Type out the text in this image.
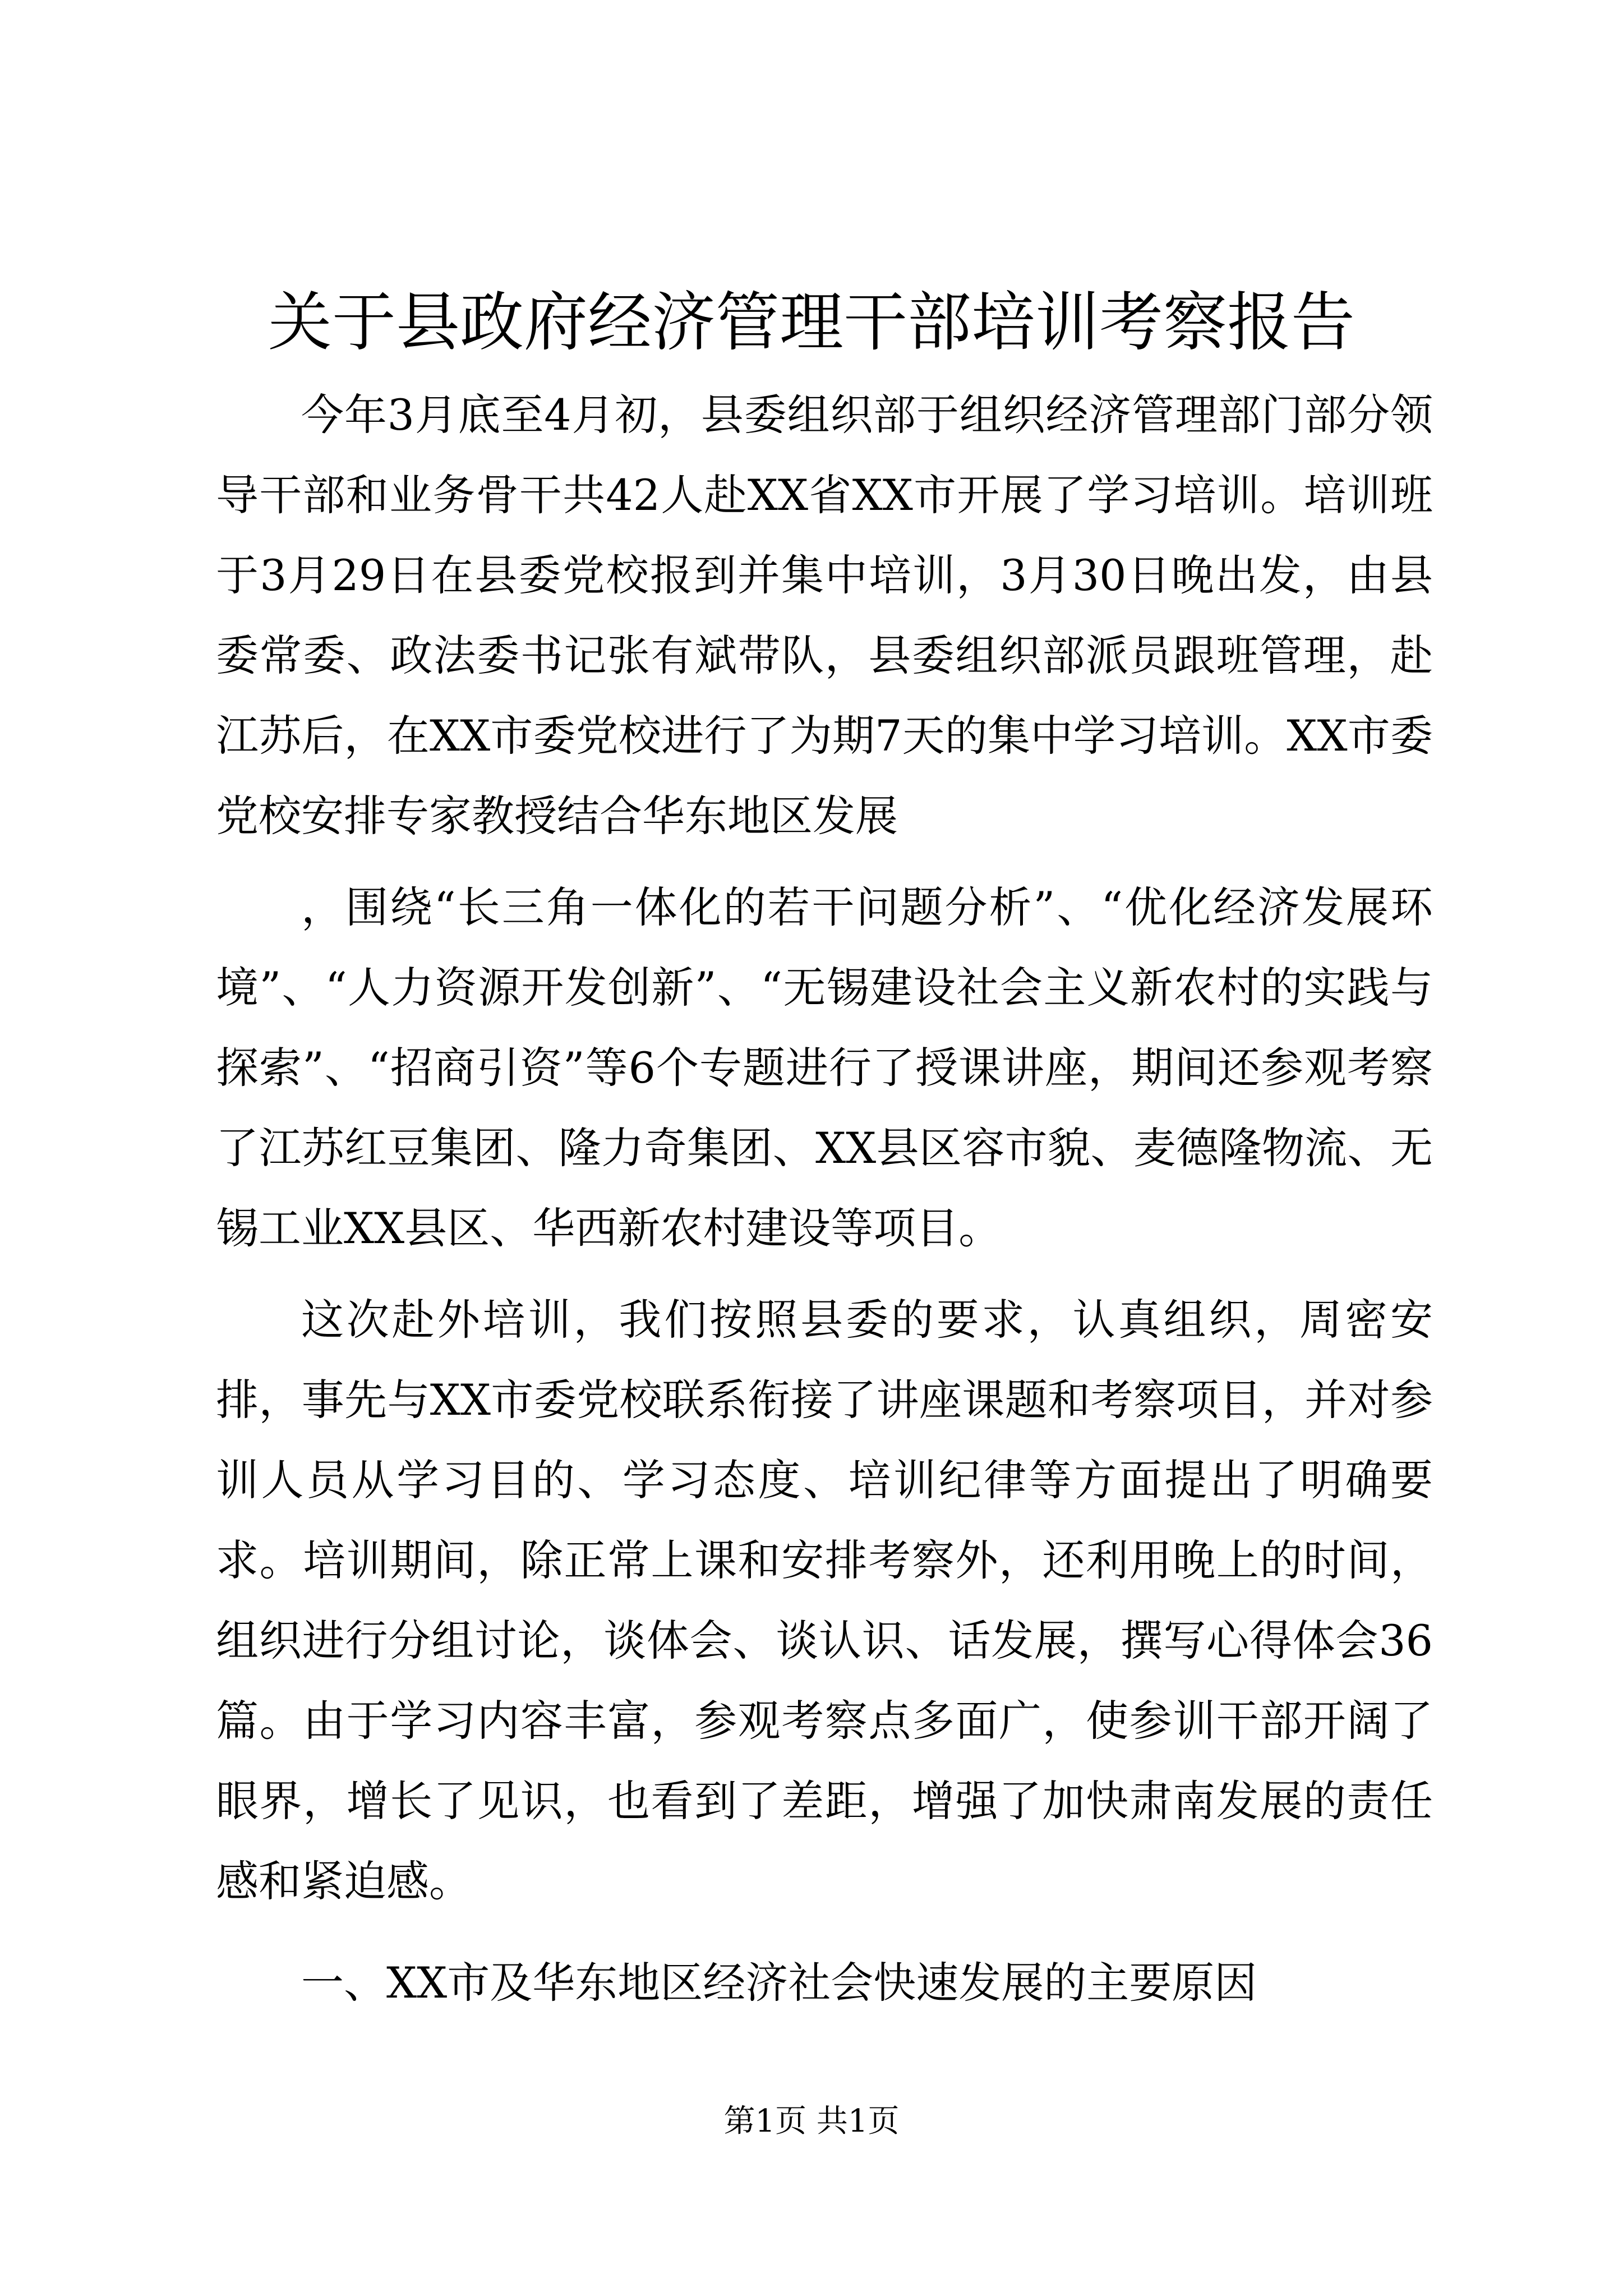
关于县政府经济管理干部培训考察报告

今年3月底至4月初，县委组织部于组织经济管理部门部分领导干部和业务骨干共42人赴XX省XX市开展了学习培训。培训班于3月29日在县委党校报到并集中培训，3月30日晚出发，由县委常委、政法委书记张有斌带队，县委组织部派员跟班管理，赴江苏后，在XX市委党校进行了为期7天的集中学习培训。XX市委党校安排专家教授结合华东地区发展

，围绕“长三角一体化的若干问题分析”、“优化经济发展环境”、“人力资源开发创新”、“无锡建设社会主义新农村的实践与探索”、“招商引资”等6个专题进行了授课讲座，期间还参观考察了江苏红豆集团、隆力奇集团、XX县区容市貌、麦德隆物流、无锡工业XX县区、华西新农村建设等项目。

这次赴外培训，我们按照县委的要求，认真组织，周密安排，事先与XX市委党校联系衔接了讲座课题和考察项目，并对参训人员从学习目的、学习态度、培训纪律等方面提出了明确要求。培训期间，除正常上课和安排考察外，还利用晚上的时间，组织进行分组讨论，谈体会、谈认识、话发展，撰写心得体会36篇。由于学习内容丰富，参观考察点多面广，使参训干部开阔了眼界，增长了见识，也看到了差距，增强了加快肃南发展的责任感和紧迫感。

一、XX市及华东地区经济社会快速发展的主要原因

第1页 共1页
